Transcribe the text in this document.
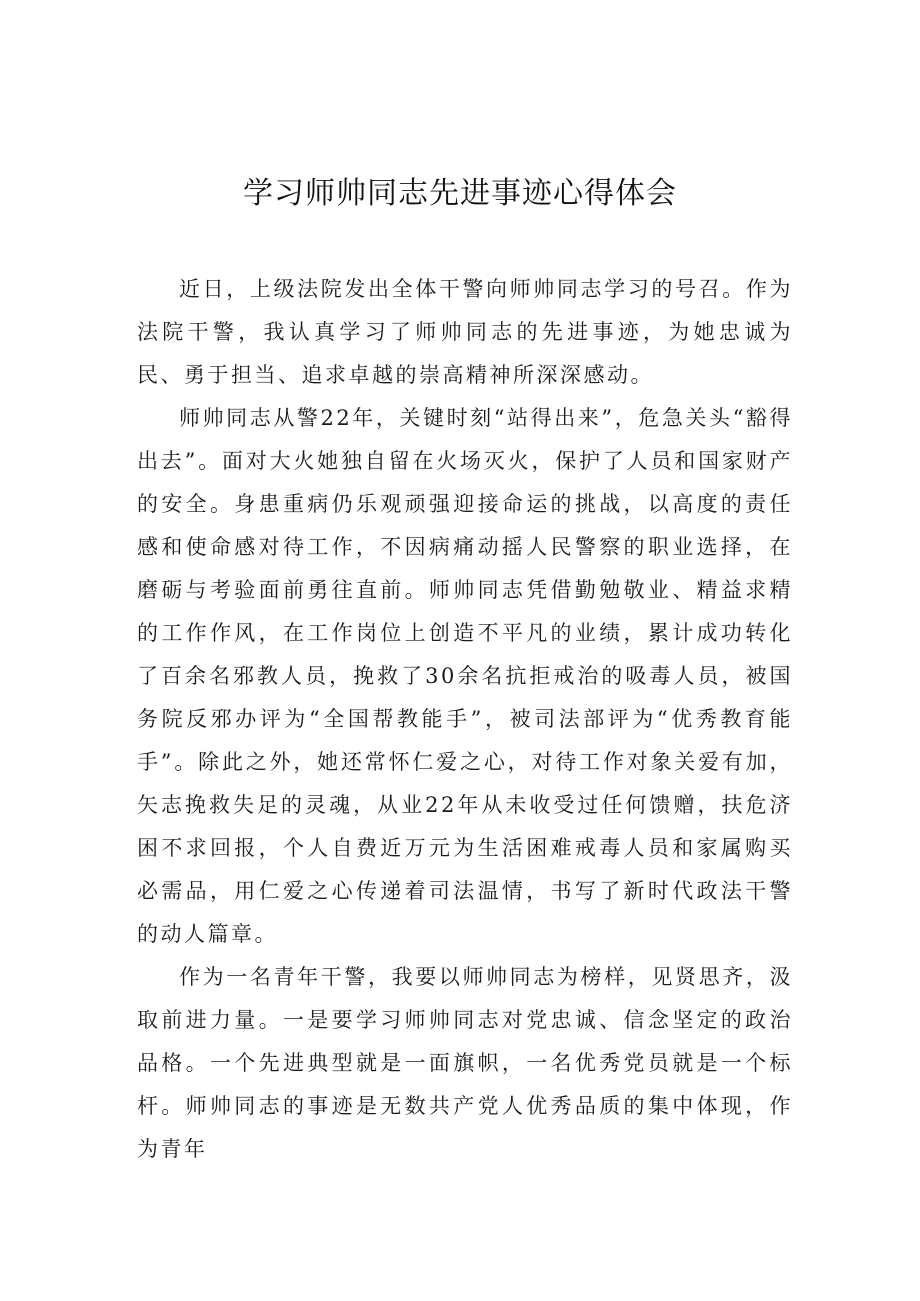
学习师帅同志先进事迹心得体会

近日，上级法院发出全体干警向师帅同志学习的号召。作为法院干警，我认真学习了师帅同志的先进事迹，为她忠诚为民、勇于担当、追求卓越的崇高精神所深深感动。

师帅同志从警22年，关键时刻“站得出来”，危急关头“豁得出去”。面对大火她独自留在火场灭火，保护了人员和国家财产的安全。身患重病仍乐观顽强迎接命运的挑战，以高度的责任感和使命感对待工作，不因病痛动摇人民警察的职业选择，在磨砺与考验面前勇往直前。师帅同志凭借勤勉敬业、精益求精的工作作风，在工作岗位上创造不平凡的业绩，累计成功转化了百余名邪教人员，挽救了30余名抗拒戒治的吸毒人员，被国务院反邪办评为“全国帮教能手”，被司法部评为“优秀教育能手”。除此之外，她还常怀仁爱之心，对待工作对象关爱有加，矢志挽救失足的灵魂，从业22年从未收受过任何馈赠，扶危济困不求回报，个人自费近万元为生活困难戒毒人员和家属购买必需品，用仁爱之心传递着司法温情，书写了新时代政法干警的动人篇章。

作为一名青年干警，我要以师帅同志为榜样，见贤思齐，汲取前进力量。一是要学习师帅同志对党忠诚、信念坚定的政治品格。一个先进典型就是一面旗帜，一名优秀党员就是一个标杆。师帅同志的事迹是无数共产党人优秀品质的集中体现，作为青年
